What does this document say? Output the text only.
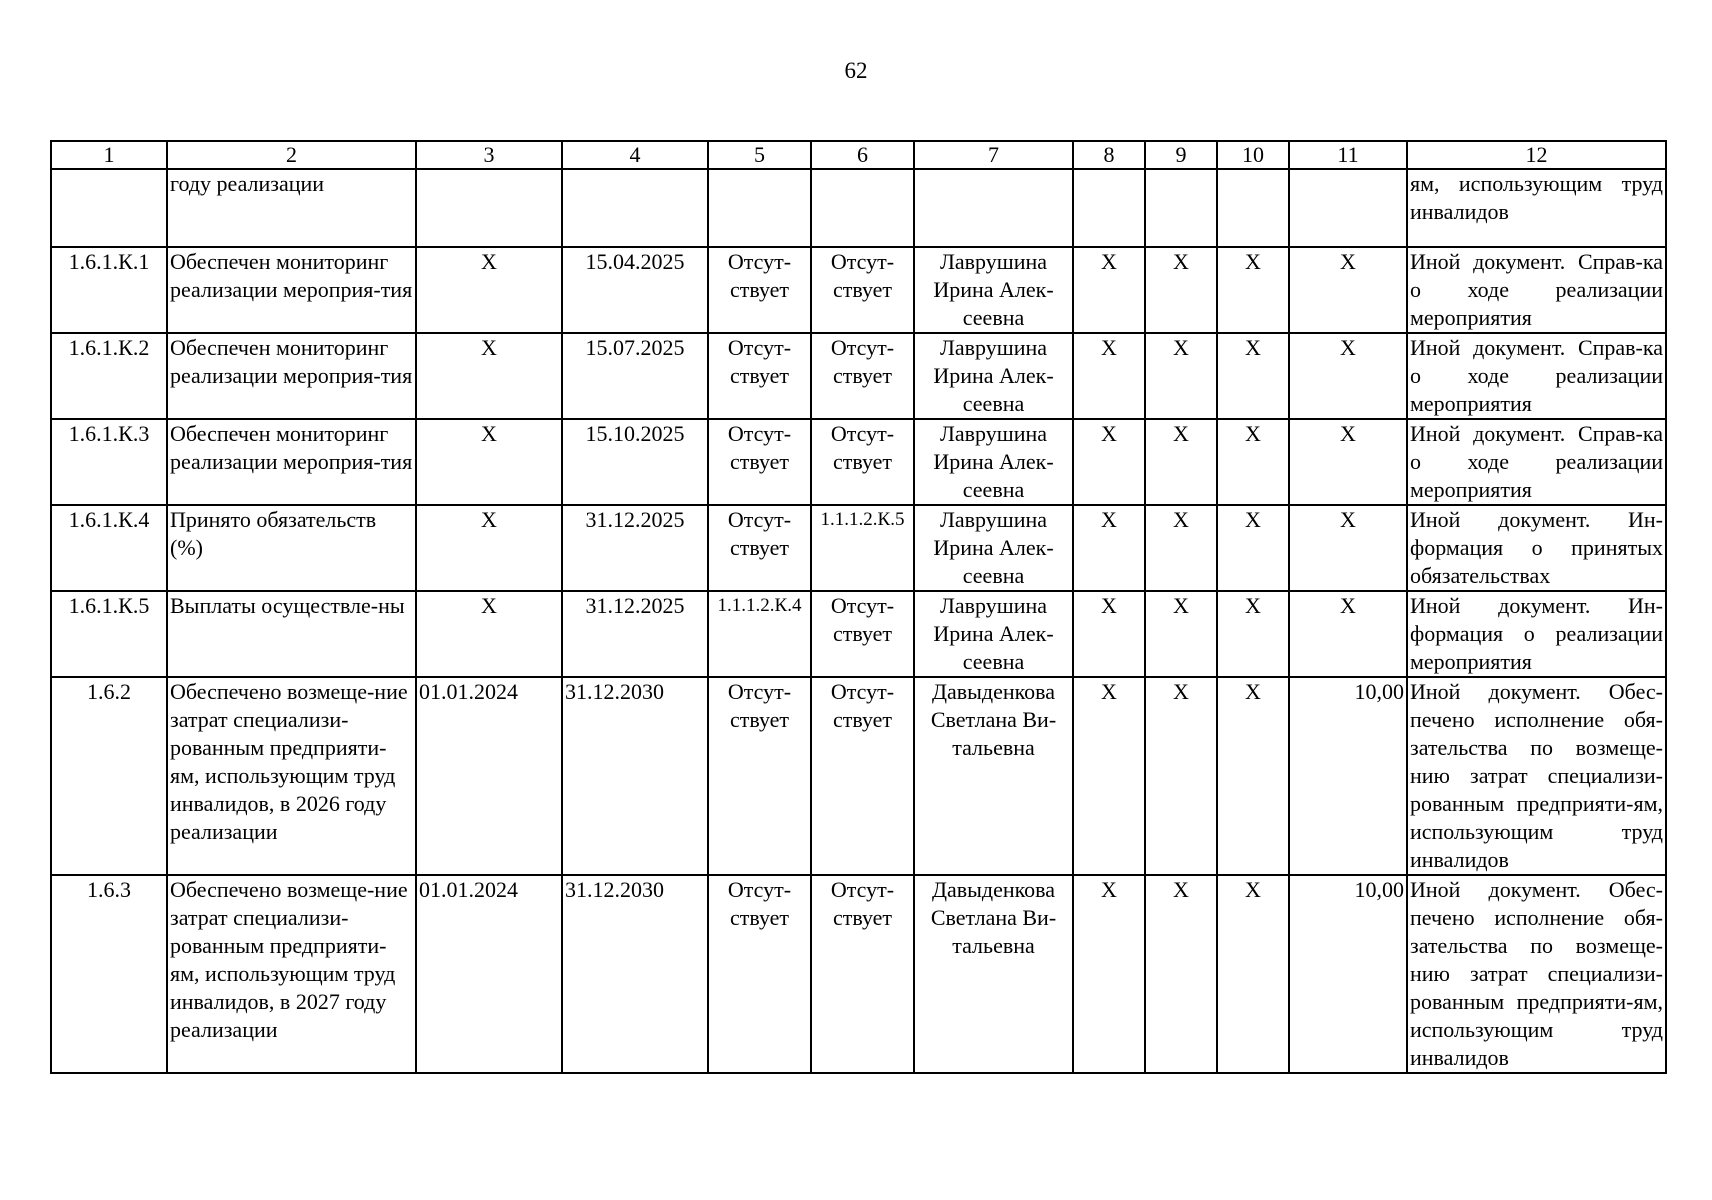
62
1	2	3	4	5	6	7	8	9	10	11	12
	году реализации										ям, использующим труд инвалидов
1.6.1.К.1	Обеспечен мониторинг реализации мероприя-тия	X	15.04.2025	Отсут-ствует	Отсут-ствует	Лаврушина Ирина Алек-сеевна	X	X	X	X	Иной документ. Справ-ка о ходе реализации мероприятия
1.6.1.К.2	Обеспечен мониторинг реализации мероприя-тия	X	15.07.2025	Отсут-ствует	Отсут-ствует	Лаврушина Ирина Алек-сеевна	X	X	X	X	Иной документ. Справ-ка о ходе реализации мероприятия
1.6.1.К.3	Обеспечен мониторинг реализации мероприя-тия	X	15.10.2025	Отсут-ствует	Отсут-ствует	Лаврушина Ирина Алек-сеевна	X	X	X	X	Иной документ. Справ-ка о ходе реализации мероприятия
1.6.1.К.4	Принято обязательств (%)	X	31.12.2025	Отсут-ствует	1.1.1.2.К.5	Лаврушина Ирина Алек-сеевна	X	X	X	X	Иной документ. Ин-формация о принятых обязательствах
1.6.1.К.5	Выплаты осуществле-ны	X	31.12.2025	1.1.1.2.К.4	Отсут-ствует	Лаврушина Ирина Алек-сеевна	X	X	X	X	Иной документ. Ин-формация о реализации мероприятия
1.6.2	Обеспечено возмеще-ние затрат специализи-рованным предприяти-ям, использующим труд инвалидов, в 2026 году реализации	01.01.2024	31.12.2030	Отсут-ствует	Отсут-ствует	Давыденкова Светлана Ви-тальевна	X	X	X	10,00	Иной документ. Обес-печено исполнение обя-зательства по возмеще-нию затрат специализи-рованным предприяти-ям, использующим труд инвалидов
1.6.3	Обеспечено возмеще-ние затрат специализи-рованным предприяти-ям, использующим труд инвалидов, в 2027 году реализации	01.01.2024	31.12.2030	Отсут-ствует	Отсут-ствует	Давыденкова Светлана Ви-тальевна	X	X	X	10,00	Иной документ. Обес-печено исполнение обя-зательства по возмеще-нию затрат специализи-рованным предприяти-ям, использующим труд инвалидов
